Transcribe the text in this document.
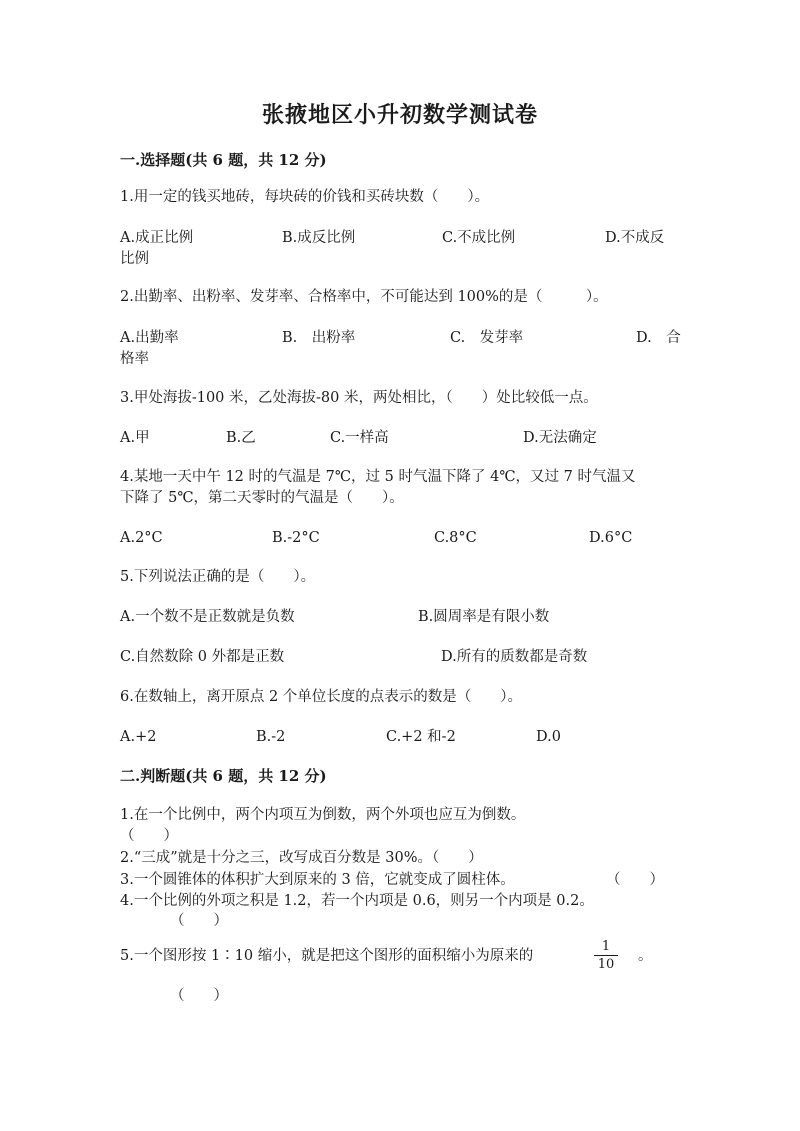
张掖地区小升初数学测试卷
一.选择题(共 6 题，共 12 分)
1.用一定的钱买地砖，每块砖的价钱和买砖块数（　　）。
A.成正比例	B.成反比例	C.不成比例	D.不成反
比例
2.出勤率、出粉率、发芽率、合格率中，不可能达到 100%的是（　　　）。
A.出勤率	B.　出粉率	C.　发芽率	D.　合
格率
3.甲处海拔-100 米，乙处海拔-80 米，两处相比，（　　）处比较低一点。
A.甲	B.乙	C.一样高	D.无法确定
4.某地一天中午 12 时的气温是 7℃，过 5 时气温下降了 4℃，又过 7 时气温又
下降了 5℃，第二天零时的气温是（　　）。
A.2°C	B.-2°C	C.8°C	D.6°C
5.下列说法正确的是（　　）。
A.一个数不是正数就是负数	B.圆周率是有限小数
C.自然数除 0 外都是正数	D.所有的质数都是奇数
6.在数轴上，离开原点 2 个单位长度的点表示的数是（　　）。
A.+2	B.-2	C.+2 和-2	D.0
二.判断题(共 6 题，共 12 分)
1.在一个比例中，两个内项互为倒数，两个外项也应互为倒数。
（　　）
2.“三成”就是十分之三，改写成百分数是 30%。（　　）
3.一个圆锥体的体积扩大到原来的 3 倍，它就变成了圆柱体。	（　　）
4.一个比例的外项之积是 1.2，若一个内项是 0.6，则另一个内项是 0.2。
（　　）
5.一个图形按 1∶10 缩小，就是把这个图形的面积缩小为原来的	$\frac{1}{10}$ 。
（　　）
